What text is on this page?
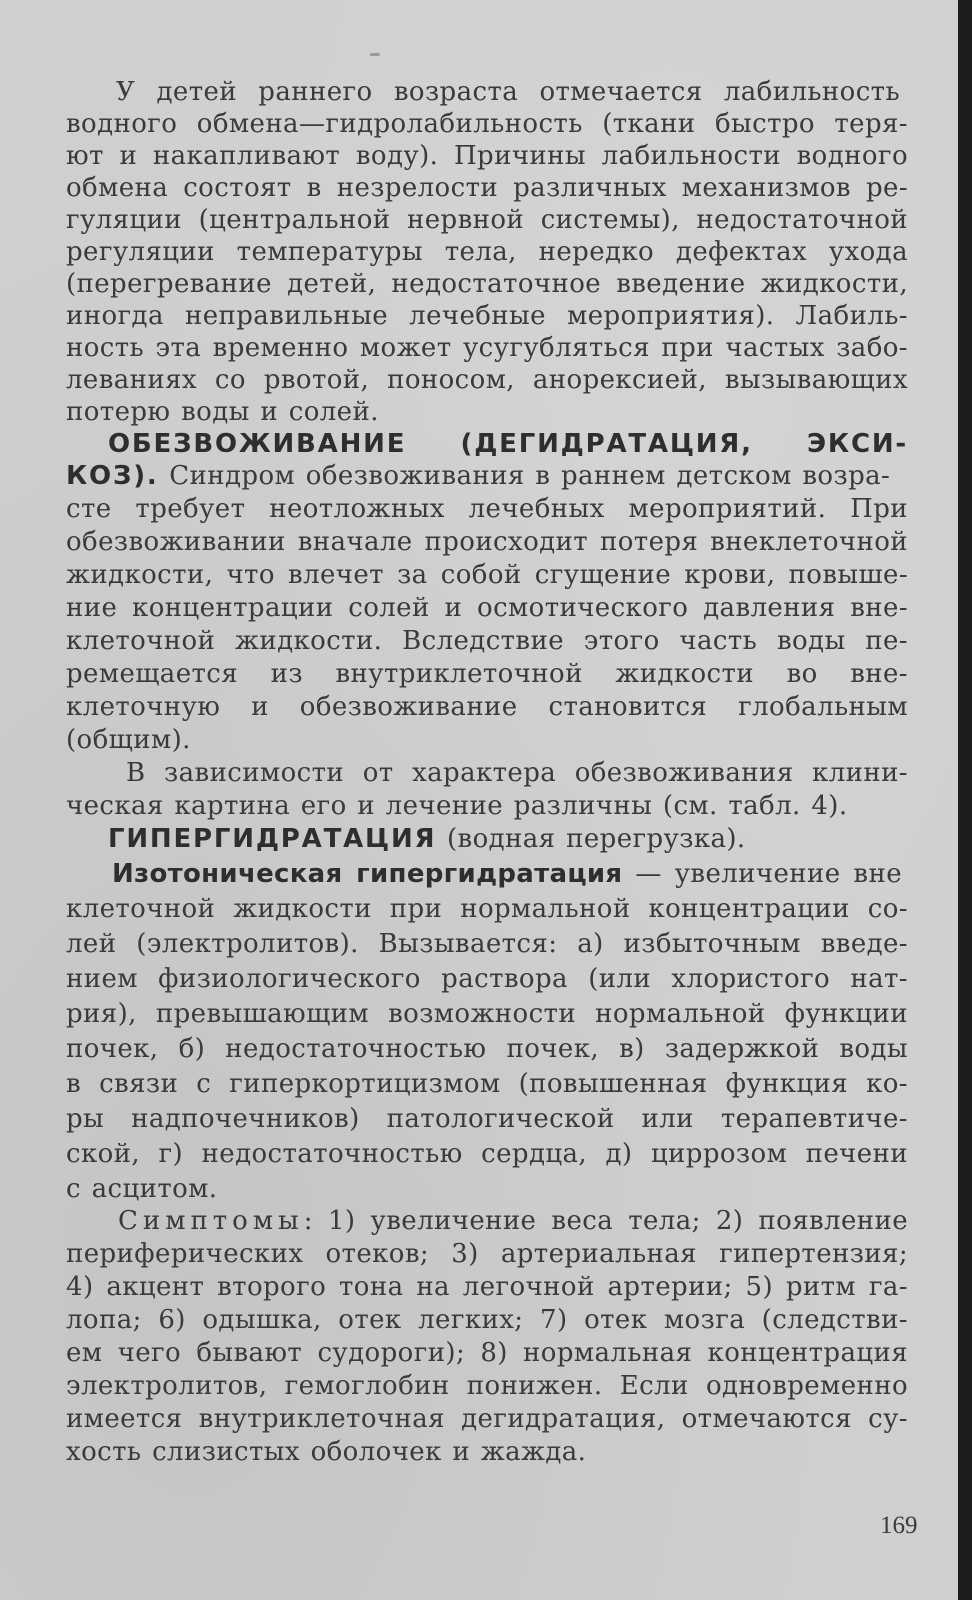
У детей раннего возраста отмечается лабильность
водного обмена—гидролабильность (ткани быстро теря-
ют и накапливают воду). Причины лабильности водного
обмена состоят в незрелости различных механизмов ре-
гуляции (центральной нервной системы), недостаточной
регуляции температуры тела, нередко дефектах ухода
(перегревание детей, недостаточное введение жидкости,
иногда неправильные лечебные мероприятия). Лабиль-
ность эта временно может усугубляться при частых забо-
леваниях со рвотой, поносом, анорексией, вызывающих
потерю воды и солей.
ОБЕЗВОЖИВАНИЕ (ДЕГИДРАТАЦИЯ, ЭКСИ-
КОЗ). Синдром обезвоживания в раннем детском возра-
сте требует неотложных лечебных мероприятий. При
обезвоживании вначале происходит потеря внеклеточной
жидкости, что влечет за собой сгущение крови, повыше-
ние концентрации солей и осмотического давления вне-
клеточной жидкости. Вследствие этого часть воды пе-
ремещается из внутриклеточной жидкости во вне-
клеточную и обезвоживание становится глобальным
(общим).
В зависимости от характера обезвоживания клини-
ческая картина его и лечение различны (см. табл. 4).
ГИПЕРГИДРАТАЦИЯ (водная перегрузка).
Изотоническая гипергидратация — увеличение вне
клеточной жидкости при нормальной концентрации со-
лей (электролитов). Вызывается: а) избыточным введе-
нием физиологического раствора (или хлористого нат-
рия), превышающим возможности нормальной функции
почек, б) недостаточностью почек, в) задержкой воды
в связи с гиперкортицизмом (повышенная функция ко-
ры надпочечников) патологической или терапевтиче-
ской, г) недостаточностью сердца, д) циррозом печени
с асцитом.
Симптомы: 1) увеличение веса тела; 2) появление
периферических отеков; 3) артериальная гипертензия;
4) акцент второго тона на легочной артерии; 5) ритм га-
лопа; 6) одышка, отек легких; 7) отек мозга (следстви-
ем чего бывают судороги); 8) нормальная концентрация
электролитов, гемоглобин понижен. Если одновременно
имеется внутриклеточная дегидратация, отмечаются су-
хость слизистых оболочек и жажда.
169
